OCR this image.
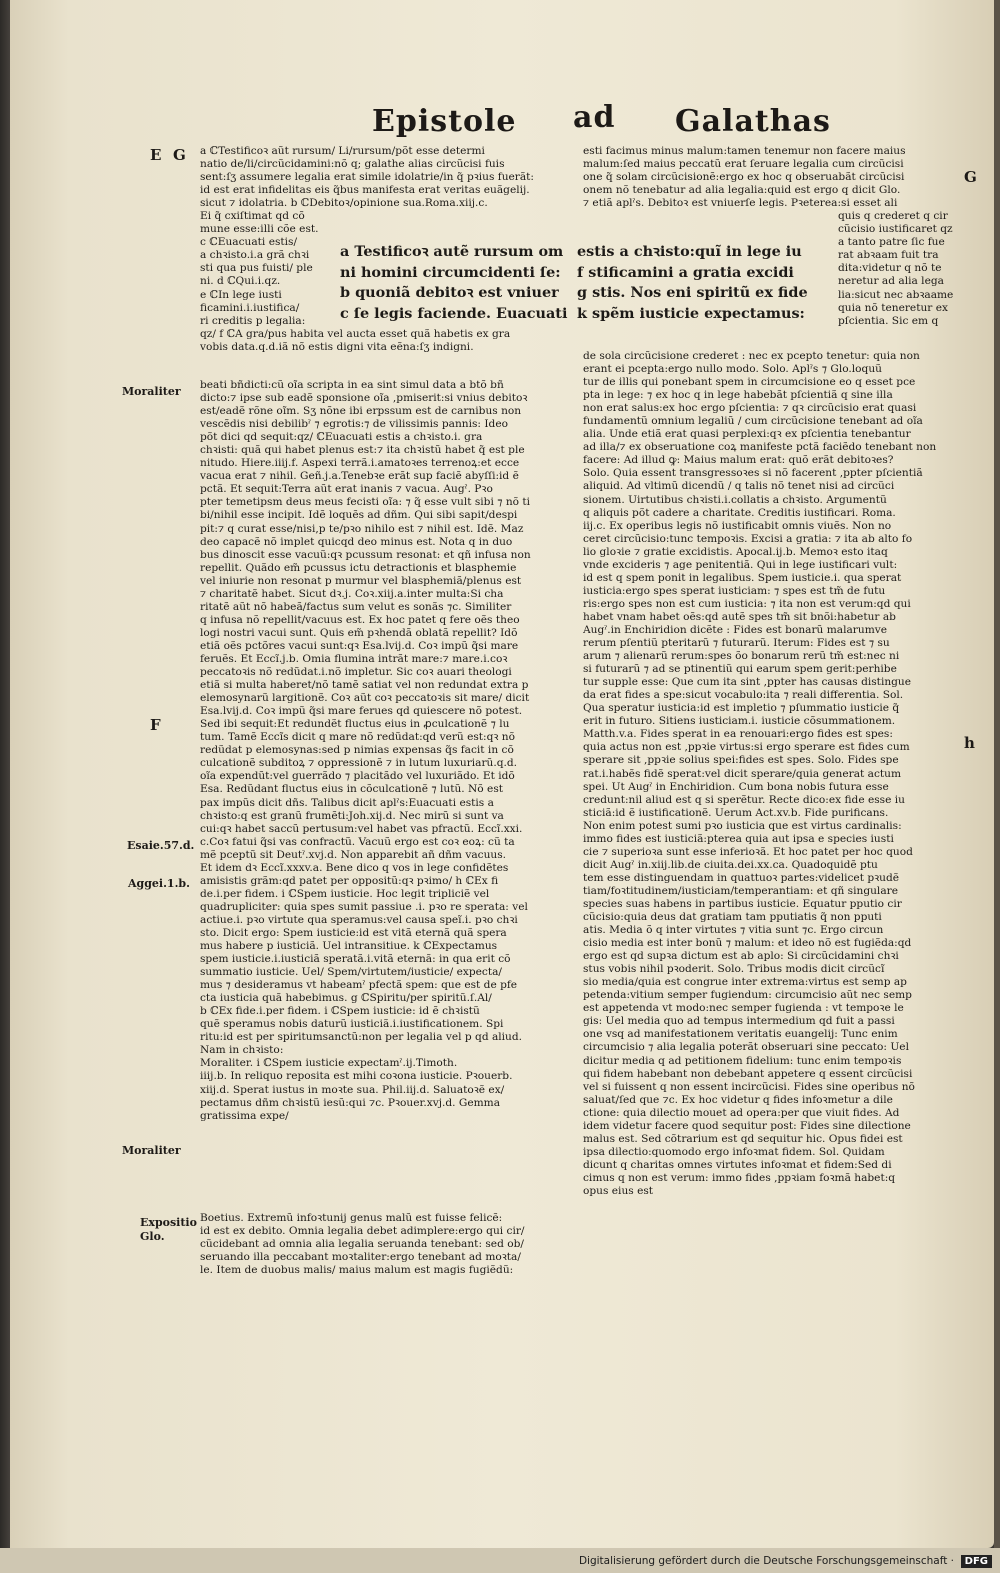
Epistole ad Galathas
E G
G
F
h
a ℂTestificoꝛ aũt rursum/ Li/rursum/põt esse determi
natio de/li/circũcidamini:nõ q; galathe alias circũcisi fuis
sent:ſʒ assumere legalia erat simile idolatrie/in q̃ pꝛius fuerãt:
id est erat infidelitas eis q̃bus manifesta erat veritas euãgelij.
sicut ⁊ idolatria. b ℂDebitoꝛ/opinione sua.Roma.xiij.c.
Ei q̃ cxiſtimat qd cõ
mune esse:illi cõe est.
c ℂEuacuati estis/
a chꝛisto.i.a grã chꝛi
sti qua pus fuisti/ ple
ni. d ℂQui.i.qz.
e ℂIn lege iusti
ficamini.i.iustifica/
ri creditis p legalia:
qz/ f ℂA gra/pus habita vel aucta esset quã habetis ex gra
vobis data.q.d.iã nõ estis digni vita eẽna:ſʒ indigni.
a Testificoꝛ autẽ rursum om
ni homini circumcidenti ſe:
b quoniã debitoꝛ est vniuer
c ſe legis faciende. Euacuati
estis a chꝛisto:quĩ in lege iu
f stificamini a gratia excidi
g stis. Nos eni spiritũ ex fide
k spẽm iusticie expectamus:
esti facimus minus malum:tamen tenemur non facere maius
malum:ſed maius peccatũ erat ſeruare legalia cum circũcisi
one q̃ solam circũcisionẽ:ergo ex hoc q obseruabãt circũcisi
onem nõ tenebatur ad alia legalia:quid est ergo q dicit Glo.
⁊ etiã aplˀs. Debitoꝛ est vniuerſe legis. Pꝛeterea:si esset ali
quis q crederet q cir
cũcisio iustificaret qz
a tanto patre ſic fue
rat abꝛaam fuit tra
dita:videtur q nõ te
neretur ad alia lega
lia:sicut nec abꝛaame
quia nõ teneretur ex
pſcientia. Sic em q
beati bñdicti:cũ oĩa scripta in ea sint simul data a btõ bñ
dicto:⁊ ipse sub eadẽ sponsione oĩa ,pmiserit:si vnius debitoꝛ
est/eadẽ rõne oĩm. Sʒ nõne ibi erpssum est de carnibus non
vescẽdis nisi debilibˀ ⁊ egrotis:⁊ de vilissimis pannis: Ideo
põt dici qd sequit:qz/ ℂEuacuati estis a chꝛisto.i. gra
chꝛisti: quã qui habet plenus est:⁊ ita chꝛistũ habet q̃ est ple
nitudo. Hiere.iiij.f. Aspexi terrã.i.amatoꝛes terrenoꝝ:et ecce
vacua erat ⁊ nihil. Geñ.j.a.Tenebꝛe erãt sup faciẽ abyſſi:id ẽ
pctã. Et sequit:Terra aũt erat inanis ⁊ vacua. Augˀ. Pꝛo
pter temetipsm deus meus fecisti oĩa: ⁊ q̃ esse vult sibi ⁊ nõ ti
bi/nihil esse incipit. Idẽ loquẽs ad dñm. Qui sibi sapit/despi
pit:⁊ q curat esse/nisi,p te/pꝛo nihilo est ⁊ nihil est. Idẽ. Maz
deo capacẽ nõ implet quicqd deo minus est. Nota q in duo
bus dinoscit esse vacuũ:qꝛ pcussum resonat: et qñ infusa non
repellit. Quãdo em̃ pcussus ictu detractionis et blasphemie
vel iniurie non resonat p murmur vel blasphemiã/plenus est
⁊ charitatẽ habet. Sicut dꝛ.j. Coꝛ.xiij.a.inter multa:Si cha
ritatẽ aũt nõ habeã/factus sum velut es sonãs ⁊c. Similiter
q infusa nõ repellit/vacuus est. Ex hoc patet q fere oẽs theo
logi nostri vacui sunt. Quis em̃ pꝛhendã oblatã repellit? Idõ
etiã oẽs pctõres vacui sunt:qꝛ Esa.lvij.d. Coꝛ impũ q̃si mare
feruẽs. Et Eccĩ.j.b. Omia flumina intrãt mare:⁊ mare.i.coꝛ
peccatoꝛis nõ redũdat.i.nõ impletur. Sic coꝛ auari theologi
etiã si multa haberet/nõ tamẽ satiat vel non redundat extra p
elemosynarũ largitionẽ. Coꝛ aũt coꝛ peccatoꝛis sit mare/ dicit
Esa.lvij.d. Coꝛ impũ q̃si mare ferues qd quiescere nõ potest.
Sed ibi sequit:Et redundẽt fluctus eius in ꝓculcationẽ ⁊ lu
tum. Tamẽ Eccĩs dicit q mare nõ redũdat:qd verũ est:qꝛ nõ
redũdat p elemosynas:sed p nimias expensas q̃s facit in cõ
culcationẽ subditoꝝ ⁊ oppressionẽ ⁊ in lutum luxuriarũ.q.d.
oĩa expendũt:vel guerrãdo ⁊ placitãdo vel luxuriãdo. Et idõ
Esa. Redũdant fluctus eius in cõculcationẽ ⁊ lutũ. Nõ est
pax impũs dicit dñs. Talibus dicit aplˀs:Euacuati estis a
chꝛisto:q est granũ frumẽti:Joh.xij.d. Nec mirũ si sunt va
cui:qꝛ habet saccũ pertusum:vel habet vas pfractũ. Eccĩ.xxi.
c.Coꝛ fatui q̃si vas confractũ. Vacuũ ergo est coꝛ eoꝝ: cũ ta
mẽ pceptũ sit Deutˀ.xvj.d. Non apparebit añ dñm vacuus.
Et idem dꝛ Eccĩ.xxxv.a. Bene dico q vos in lege confidẽtes
amisistis grãm:qd patet per oppositũ:qꝛ pꝛimo/ h ℂEx fi
de.i.per fidem. i ℂSpem iusticie. Hoc legit tripliciẽ vel
quadrupliciter: quia spes sumit passiue .i. pꝛo re sperata: vel
actiue.i. pꝛo virtute qua speramus:vel causa speĩ.i. pꝛo chꝛi
sto. Dicit ergo: Spem iusticie:id est vitã eternã quã spera
mus habere p iusticiã. Uel intransitiue. k ℂExpectamus
spem iusticie.i.iusticiã speratã.i.vitã eternã: in qua erit cõ
summatio iusticie. Uel/ Spem/virtutem/iusticie/ expecta/
mus ⁊ desideramus vt habeamˀ pfectã spem: que est de pfe
cta iusticia quã habebimus. g ℂSpiritu/per spiritũ.ſ.Al/
b ℂEx fide.i.per fidem. i ℂSpem iusticie: id ẽ chꝛistũ
quẽ speramus nobis daturũ iusticiã.i.iustificationem. Spi
ritu:id est per spiritumsanctũ:non per legalia vel p qd aliud.
Nam in chꝛisto:
Moraliter. i ℂSpem iusticie expectamˀ.ij.Timoth.
iiij.b. In reliquo reposita est mihi coꝛona iusticie. Pꝛouerb.
xiij.d. Sperat iustus in moꝛte sua. Phil.iij.d. Saluatoꝛẽ ex/
pectamus dñm chꝛistũ iesũ:qui ⁊c. Pꝛouer.xvj.d. Gemma
gratissima expe/
Boetius. Extremũ infoꝛtunij genus malũ est fuisse felicẽ:
id est ex debito. Omnia legalia debet adimplere:ergo qui cir/
cũcidebant ad omnia alia legalia seruanda tenebant: sed ob/
seruando illa peccabant moꝛtaliter:ergo tenebant ad moꝛta/
le. Item de duobus malis/ maius malum est magis fugiẽdũ:
de sola circũcisione crederet : nec ex pcepto tenetur: quia non
erant ei pcepta:ergo nullo modo. Solo. Aplˀs ⁊ Glo.loquũ
tur de illis qui ponebant spem in circumcisione eo q esset pce
pta in lege: ⁊ ex hoc q in lege habebãt pſcientiã q sine illa
non erat salus:ex hoc ergo pſcientia: ⁊ qꝛ circũcisio erat quasi
fundamentũ omnium legaliũ / cum circũcisione tenebant ad oĩa
alia. Unde etiã erat quasi perplexi:qꝛ ex pſcientia tenebantur
ad illa/⁊ ex obseruatione coꝝ manifeste pctã faciẽdo tenebant non
facere: Ad illud ꝙ: Maius malum erat: quõ erãt debitoꝛes?
Solo. Quia essent transgressoꝛes si nõ facerent ,ppter pſcientiã
aliquid. Ad vltimũ dicendũ / q talis nõ tenet nisi ad circũci
sionem. Uirtutibus chꝛisti.i.collatis a chꝛisto. Argumentũ
q aliquis põt cadere a charitate. Creditis iustificari. Roma.
iij.c. Ex operibus legis nõ iustificabit omnis viuẽs. Non no
ceret circũcisio:tunc tempoꝛis. Excisi a gratia: ⁊ ita ab alto fo
lio gloꝛie ⁊ gratie excidistis. Apocal.ij.b. Memoꝛ esto itaq
vnde excideris ⁊ age penitentiã. Qui in lege iustificari vult:
id est q spem ponit in legalibus. Spem iusticie.i. qua sperat
iusticia:ergo spes sperat iusticiam: ⁊ spes est tm̃ de futu
ris:ergo spes non est cum iusticia: ⁊ ita non est verum:qd qui
habet vnam habet oẽs:qd autẽ spes tm̃ sit bnõi:habetur ab
Augˀ.in Enchiridion dicẽte : Fides est bonarũ malarumve
rerum pſentiũ pteritarũ ⁊ futurarũ. Iterum: Fides est ⁊ su
arum ⁊ alienarũ rerum:spes õo bonarum rerũ tm̃ est:nec ni
si futurarũ ⁊ ad se ptinentiũ qui earum spem gerit:perhibe
tur supple esse: Que cum ita sint ,ppter has causas distingue
da erat fides a spe:sicut vocabulo:ita ⁊ reali differentia. Sol.
Qua speratur iusticia:id est impletio ⁊ pſummatio iusticie q̃
erit in futuro. Sitiens iusticiam.i. iusticie cõsummationem.
Matth.v.a. Fides sperat in ea renouari:ergo fides est spes:
quia actus non est ,ppꝛie virtus:si ergo sperare est fides cum
sperare sit ,ppꝛie solius spei:fides est spes. Solo. Fides spe
rat.i.habẽs fidẽ sperat:vel dicit sperare/quia generat actum
spei. Ut Augˀ in Enchiridion. Cum bona nobis futura esse
credunt:nil aliud est q si sperẽtur. Recte dico:ex fide esse iu
sticiã:id ẽ iustificationẽ. Uerum Act.xv.b. Fide purificans.
Non enim potest sumi pꝛo iusticia que est virtus cardinalis:
immo fides est iusticiã:pterea quia aut ipsa e species iusti
cie ⁊ superioꝛa sunt esse inferioꝛã. Et hoc patet per hoc quod
dicit Augˀ in.xiij.lib.de ciuita.dei.xx.ca. Quadoquidẽ ptu
tem esse distinguendam in quattuoꝛ partes:videlicet pꝛudẽ
tiam/foꝛtitudinem/iusticiam/temperantiam: et qñ singulare
species suas habens in partibus iusticie. Equatur pputio cir
cũcisio:quia deus dat gratiam tam pputiatis q̃ non pputi
atis. Media õ q inter virtutes ⁊ vitia sunt ⁊c. Ergo circun
cisio media est inter bonũ ⁊ malum: et ideo nõ est fugiẽda:qd
ergo est qd supꝛa dictum est ab aplo: Si circũcidamini chꝛi
stus vobis nihil pꝛoderit. Solo. Tribus modis dicit circũcĩ
sio media/quia est congrue inter extrema:virtus est semp ap
petenda:vitium semper fugiendum: circumcisio aũt nec semp
est appetenda vt modo:nec semper fugienda : vt tempoꝛe le
gis: Uel media quo ad tempus intermedium qd fuit a passi
one vsq ad manifestationem veritatis euangelij: Tunc enim
circumcisio ⁊ alia legalia poterãt obseruari sine peccato: Uel
dicitur media q ad petitionem fidelium: tunc enim tempoꝛis
qui fidem habebant non debebant appetere q essent circũcisi
vel si fuissent q non essent incircũcisi. Fides sine operibus nõ
saluat/ſed que ⁊c. Ex hoc videtur q fides infoꝛmetur a dile
ctione: quia dilectio mouet ad opera:per que viuit fides. Ad
idem videtur facere quod sequitur post: Fides sine dilectione
malus est. Sed cõtrarium est qd sequitur hic. Opus fidei est
ipsa dilectio:quomodo ergo infoꝛmat fidem. Sol. Quidam
dicunt q charitas omnes virtutes infoꝛmat et fidem:Sed di
cimus q non est verum: immo fides ,ppꝛiam foꝛmã habet:q
opus eius est
Moraliter
Esaie.57.d.
Aggei.1.b.
Moraliter
Expositio
Glo.
Digitalisierung gefördert durch die Deutsche Forschungsgemeinschaft ·	DFG
